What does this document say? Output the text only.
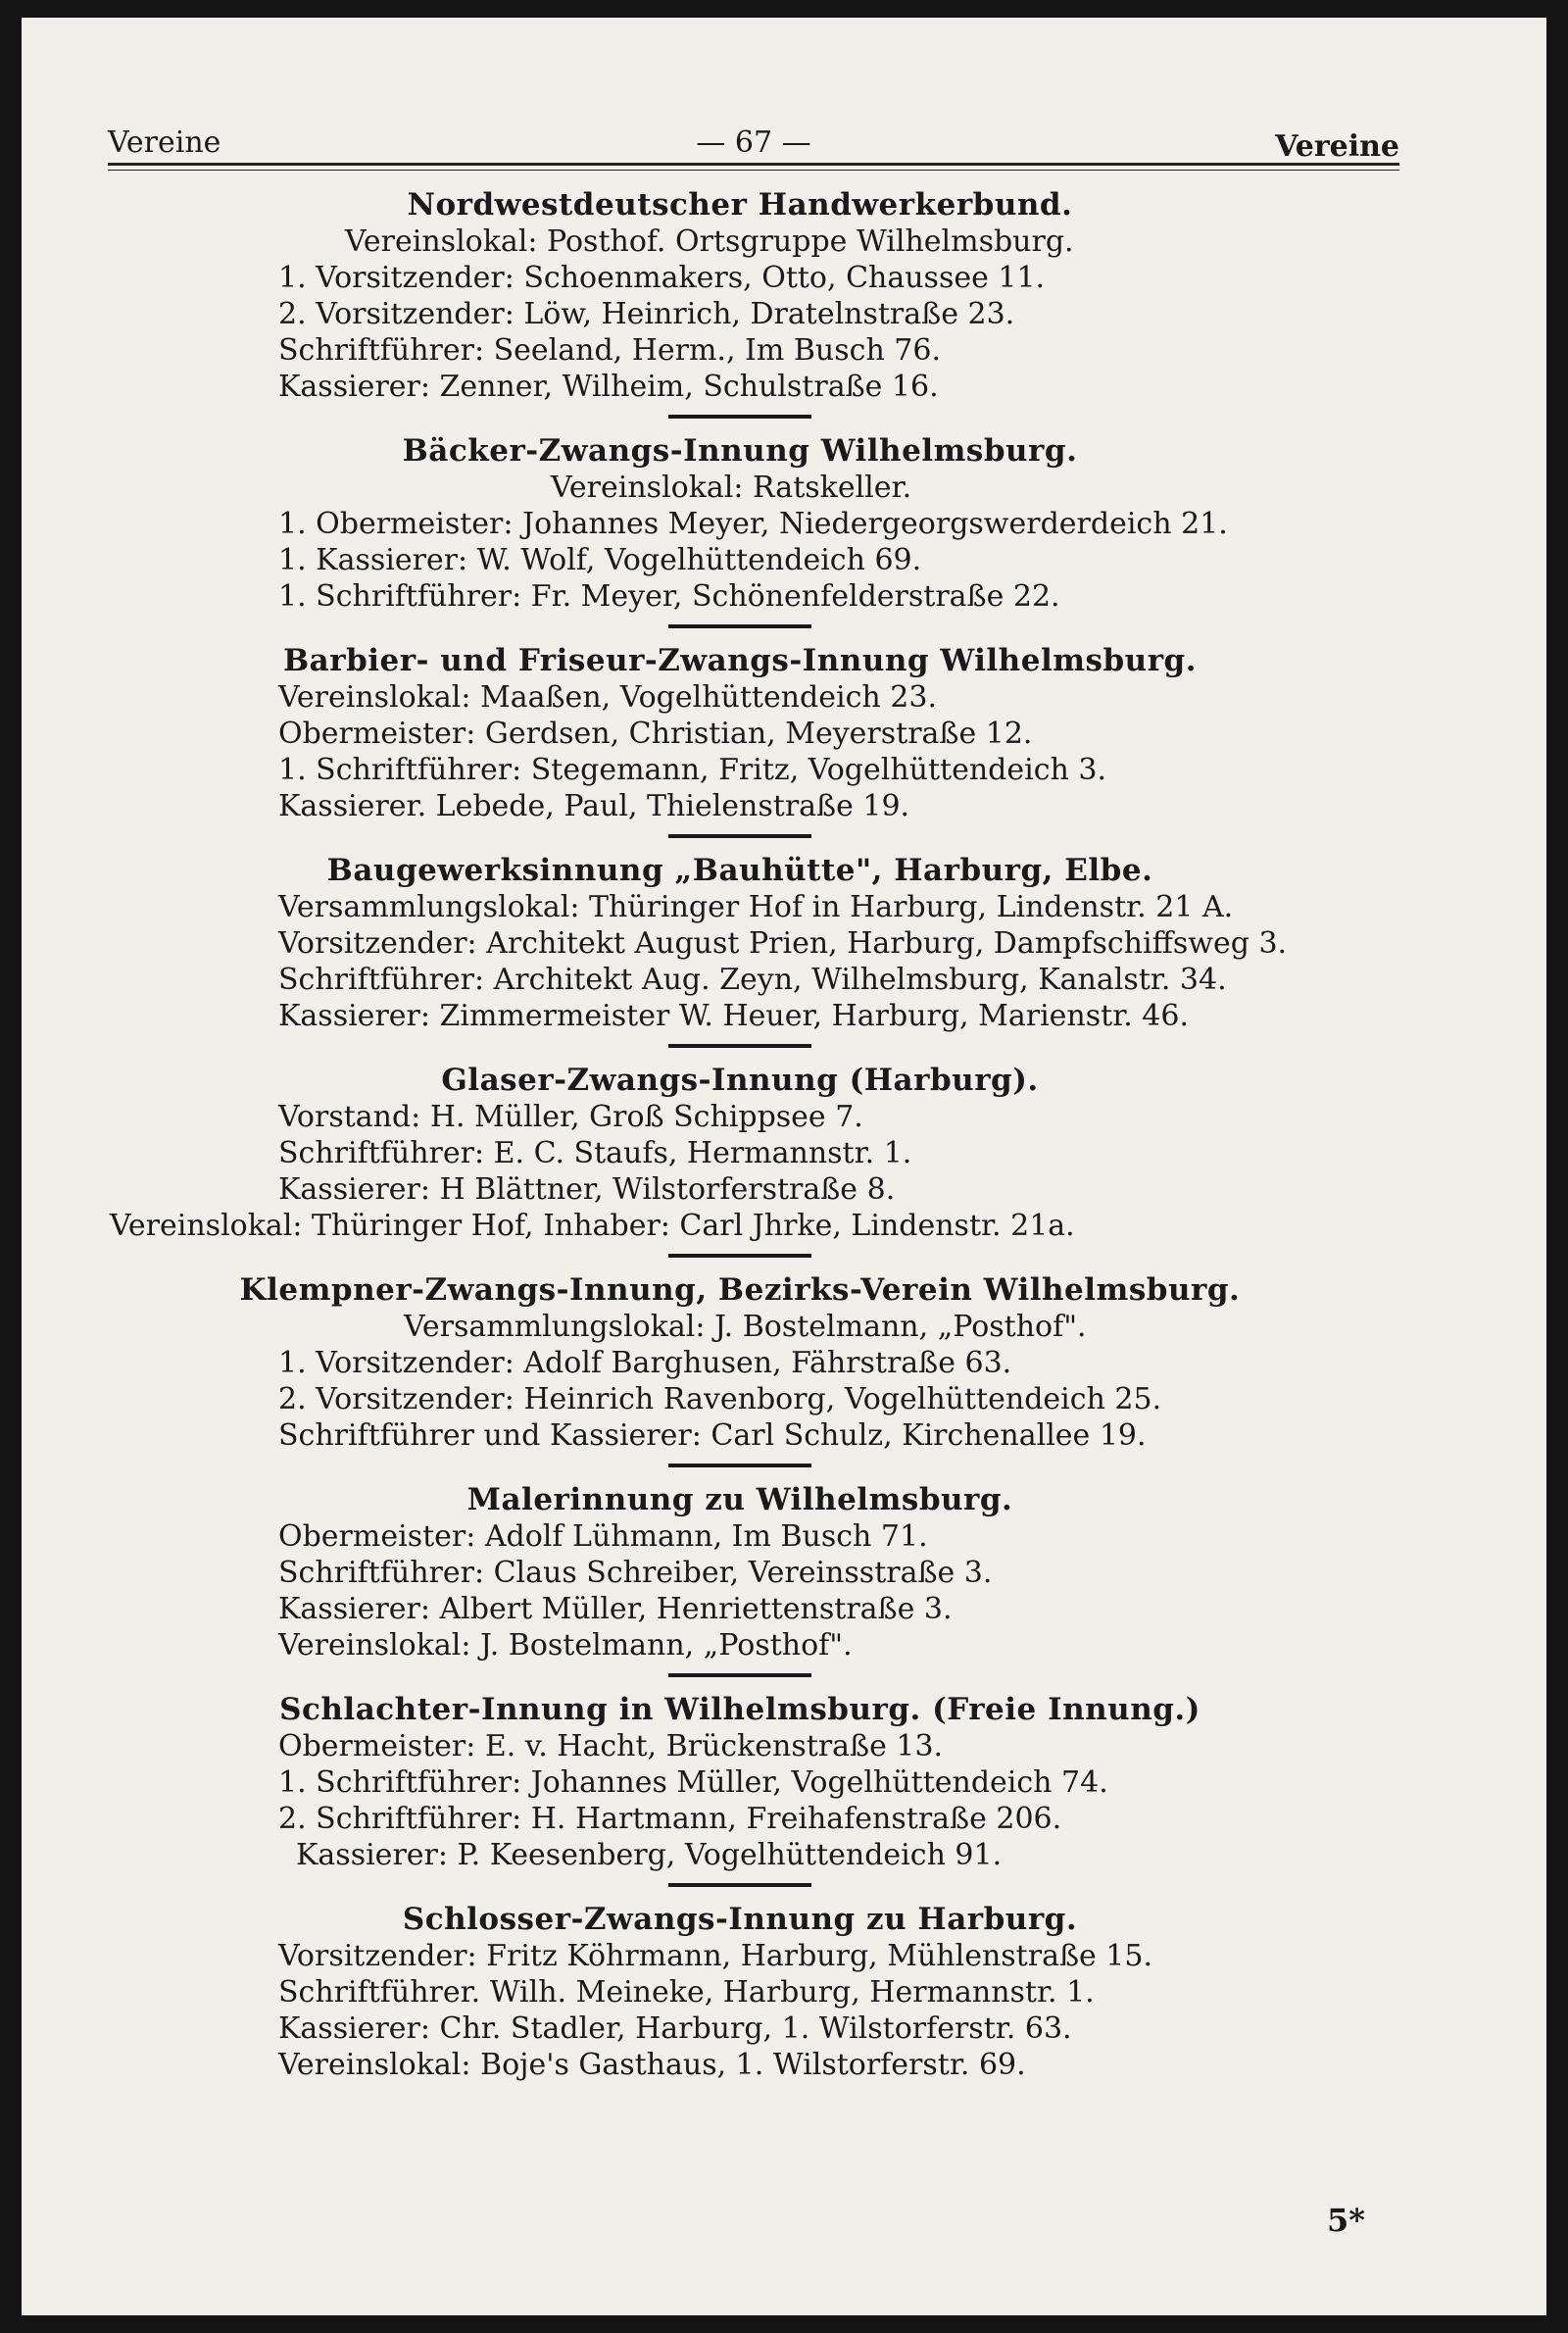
Vereine	— 67 —	Vereine
Nordwestdeutscher Handwerkerbund.
Vereinslokal: Posthof. Ortsgruppe Wilhelmsburg.
1. Vorsitzender: Schoenmakers, Otto, Chaussee 11.
2. Vorsitzender: Löw, Heinrich, Dratelnstraße 23.
Schriftführer: Seeland, Herm., Im Busch 76.
Kassierer: Zenner, Wilheim, Schulstraße 16.
Bäcker-Zwangs-Innung Wilhelmsburg.
Vereinslokal: Ratskeller.
1. Obermeister: Johannes Meyer, Niedergeorgswerderdeich 21.
1. Kassierer: W. Wolf, Vogelhüttendeich 69.
1. Schriftführer: Fr. Meyer, Schönenfelderstraße 22.
Barbier- und Friseur-Zwangs-Innung Wilhelmsburg.
Vereinslokal: Maaßen, Vogelhüttendeich 23.
Obermeister: Gerdsen, Christian, Meyerstraße 12.
1. Schriftführer: Stegemann, Fritz, Vogelhüttendeich 3.
Kassierer. Lebede, Paul, Thielenstraße 19.
Baugewerksinnung „Bauhütte", Harburg, Elbe.
Versammlungslokal: Thüringer Hof in Harburg, Lindenstr. 21 A.
Vorsitzender: Architekt August Prien, Harburg, Dampfschiffsweg 3.
Schriftführer: Architekt Aug. Zeyn, Wilhelmsburg, Kanalstr. 34.
Kassierer: Zimmermeister W. Heuer, Harburg, Marienstr. 46.
Glaser-Zwangs-Innung (Harburg).
Vorstand: H. Müller, Groß Schippsee 7.
Schriftführer: E. C. Staufs, Hermannstr. 1.
Kassierer: H Blättner, Wilstorferstraße 8.
Vereinslokal: Thüringer Hof, Inhaber: Carl Jhrke, Lindenstr. 21a.
Klempner-Zwangs-Innung, Bezirks-Verein Wilhelmsburg.
Versammlungslokal: J. Bostelmann, „Posthof".
1. Vorsitzender: Adolf Barghusen, Fährstraße 63.
2. Vorsitzender: Heinrich Ravenborg, Vogelhüttendeich 25.
Schriftführer und Kassierer: Carl Schulz, Kirchenallee 19.
Malerinnung zu Wilhelmsburg.
Obermeister: Adolf Lühmann, Im Busch 71.
Schriftführer: Claus Schreiber, Vereinsstraße 3.
Kassierer: Albert Müller, Henriettenstraße 3.
Vereinslokal: J. Bostelmann, „Posthof".
Schlachter-Innung in Wilhelmsburg. (Freie Innung.)
Obermeister: E. v. Hacht, Brückenstraße 13.
1. Schriftführer: Johannes Müller, Vogelhüttendeich 74.
2. Schriftführer: H. Hartmann, Freihafenstraße 206.
Kassierer: P. Keesenberg, Vogelhüttendeich 91.
Schlosser-Zwangs-Innung zu Harburg.
Vorsitzender: Fritz Köhrmann, Harburg, Mühlenstraße 15.
Schriftführer. Wilh. Meineke, Harburg, Hermannstr. 1.
Kassierer: Chr. Stadler, Harburg, 1. Wilstorferstr. 63.
Vereinslokal: Boje's Gasthaus, 1. Wilstorferstr. 69.
5*
